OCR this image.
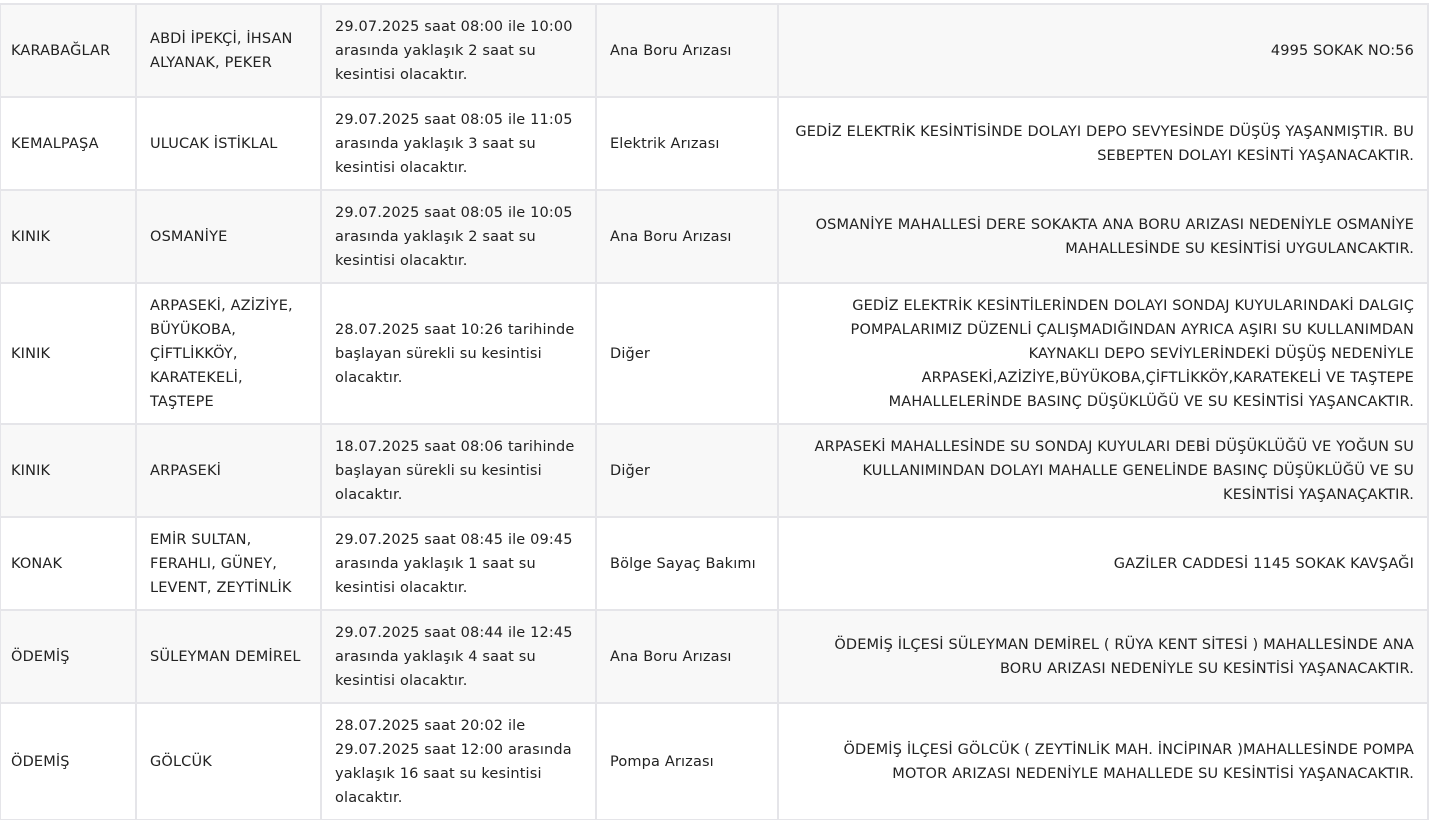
KARABAĞLAR	ABDİ İPEKÇİ, İHSAN ALYANAK, PEKER	29.07.2025 saat 08:00 ile 10:00 arasında yaklaşık 2 saat su kesintisi olacaktır.	Ana Boru Arızası	4995 SOKAK NO:56
KEMALPAŞA	ULUCAK İSTİKLAL	29.07.2025 saat 08:05 ile 11:05 arasında yaklaşık 3 saat su kesintisi olacaktır.	Elektrik Arızası	GEDİZ ELEKTRİK KESİNTİSİNDE DOLAYI DEPO SEVYESİNDE DÜŞÜŞ YAŞANMIŞTIR. BU SEBEPTEN DOLAYI KESİNTİ YAŞANACAKTIR.
KINIK	OSMANİYE	29.07.2025 saat 08:05 ile 10:05 arasında yaklaşık 2 saat su kesintisi olacaktır.	Ana Boru Arızası	OSMANİYE MAHALLESİ DERE SOKAKTA ANA BORU ARIZASI NEDENİYLE OSMANİYE MAHALLESİNDE SU KESİNTİSİ UYGULANCAKTIR.
KINIK	ARPASEKİ, AZİZİYE, BÜYÜKOBA, ÇİFTLİKKÖY, KARATEKELİ, TAŞTEPE	28.07.2025 saat 10:26 tarihinde başlayan sürekli su kesintisi olacaktır.	Diğer	GEDİZ ELEKTRİK KESİNTİLERİNDEN DOLAYI SONDAJ KUYULARINDAKİ DALGIÇ POMPALARIMIZ DÜZENLİ ÇALIŞMADIĞINDAN AYRICA AŞIRI SU KULLANIMDAN KAYNAKLI DEPO SEVİYLERİNDEKİ DÜŞÜŞ NEDENİYLE ARPASEKİ,AZİZİYE,BÜYÜKOBA,ÇİFTLİKKÖY,KARATEKELİ VE TAŞTEPE MAHALLELERİNDE BASINÇ DÜŞÜKLÜĞÜ VE SU KESİNTİSİ YAŞANCAKTIR.
KINIK	ARPASEKİ	18.07.2025 saat 08:06 tarihinde başlayan sürekli su kesintisi olacaktır.	Diğer	ARPASEKİ MAHALLESİNDE SU SONDAJ KUYULARI DEBİ DÜŞÜKLÜĞÜ VE YOĞUN SU KULLANIMINDAN DOLAYI MAHALLE GENELİNDE BASINÇ DÜŞÜKLÜĞÜ VE SU KESİNTİSİ YAŞANAÇAKTIR.
KONAK	EMİR SULTAN, FERAHLI, GÜNEY, LEVENT, ZEYTİNLİK	29.07.2025 saat 08:45 ile 09:45 arasında yaklaşık 1 saat su kesintisi olacaktır.	Bölge Sayaç Bakımı	GAZİLER CADDESİ 1145 SOKAK KAVŞAĞI
ÖDEMİŞ	SÜLEYMAN DEMİREL	29.07.2025 saat 08:44 ile 12:45 arasında yaklaşık 4 saat su kesintisi olacaktır.	Ana Boru Arızası	ÖDEMİŞ İLÇESİ SÜLEYMAN DEMİREL ( RÜYA KENT SİTESİ ) MAHALLESİNDE ANA BORU ARIZASI NEDENİYLE SU KESİNTİSİ YAŞANACAKTIR.
ÖDEMİŞ	GÖLCÜK	28.07.2025 saat 20:02 ile 29.07.2025 saat 12:00 arasında yaklaşık 16 saat su kesintisi olacaktır.	Pompa Arızası	ÖDEMİŞ İLÇESİ GÖLCÜK ( ZEYTİNLİK MAH. İNCİPINAR )MAHALLESİNDE POMPA MOTOR ARIZASI NEDENİYLE MAHALLEDE SU KESİNTİSİ YAŞANACAKTIR.
